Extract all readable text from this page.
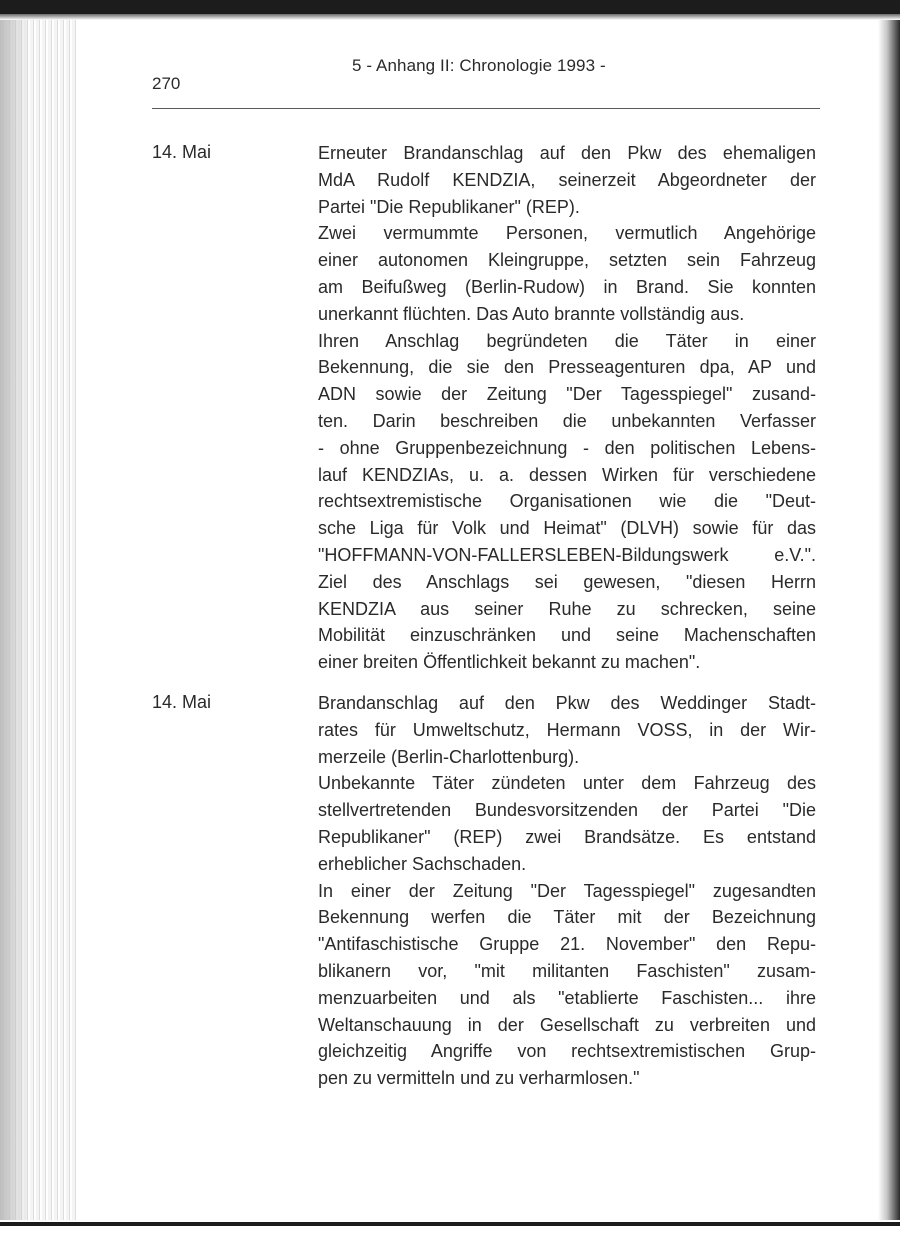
270
5 - Anhang II: Chronologie 1993 -
14. Mai	Erneuter Brandanschlag auf den Pkw des ehemaligen
MdA Rudolf KENDZIA, seinerzeit Abgeordneter der
Partei "Die Republikaner" (REP).
Zwei vermummte Personen, vermutlich Angehörige
einer autonomen Kleingruppe, setzten sein Fahrzeug
am Beifußweg (Berlin-Rudow) in Brand. Sie konnten
unerkannt flüchten. Das Auto brannte vollständig aus.
Ihren Anschlag begründeten die Täter in einer
Bekennung, die sie den Presseagenturen dpa, AP und
ADN sowie der Zeitung "Der Tagesspiegel" zusand-
ten. Darin beschreiben die unbekannten Verfasser
- ohne Gruppenbezeichnung - den politischen Lebens-
lauf KENDZIAs, u. a. dessen Wirken für verschiedene
rechtsextremistische Organisationen wie die "Deut-
sche Liga für Volk und Heimat" (DLVH) sowie für das
"HOFFMANN-VON-FALLERSLEBEN-Bildungswerk e.V.".
Ziel des Anschlags sei gewesen, "diesen Herrn
KENDZIA aus seiner Ruhe zu schrecken, seine
Mobilität einzuschränken und seine Machenschaften
einer breiten Öffentlichkeit bekannt zu machen".
14. Mai	Brandanschlag auf den Pkw des Weddinger Stadt-
rates für Umweltschutz, Hermann VOSS, in der Wir-
merzeile (Berlin-Charlottenburg).
Unbekannte Täter zündeten unter dem Fahrzeug des
stellvertretenden Bundesvorsitzenden der Partei "Die
Republikaner" (REP) zwei Brandsätze. Es entstand
erheblicher Sachschaden.
In einer der Zeitung "Der Tagesspiegel" zugesandten
Bekennung werfen die Täter mit der Bezeichnung
"Antifaschistische Gruppe 21. November" den Repu-
blikanern vor, "mit militanten Faschisten" zusam-
menzuarbeiten und als "etablierte Faschisten... ihre
Weltanschauung in der Gesellschaft zu verbreiten und
gleichzeitig Angriffe von rechtsextremistischen Grup-
pen zu vermitteln und zu verharmlosen."
